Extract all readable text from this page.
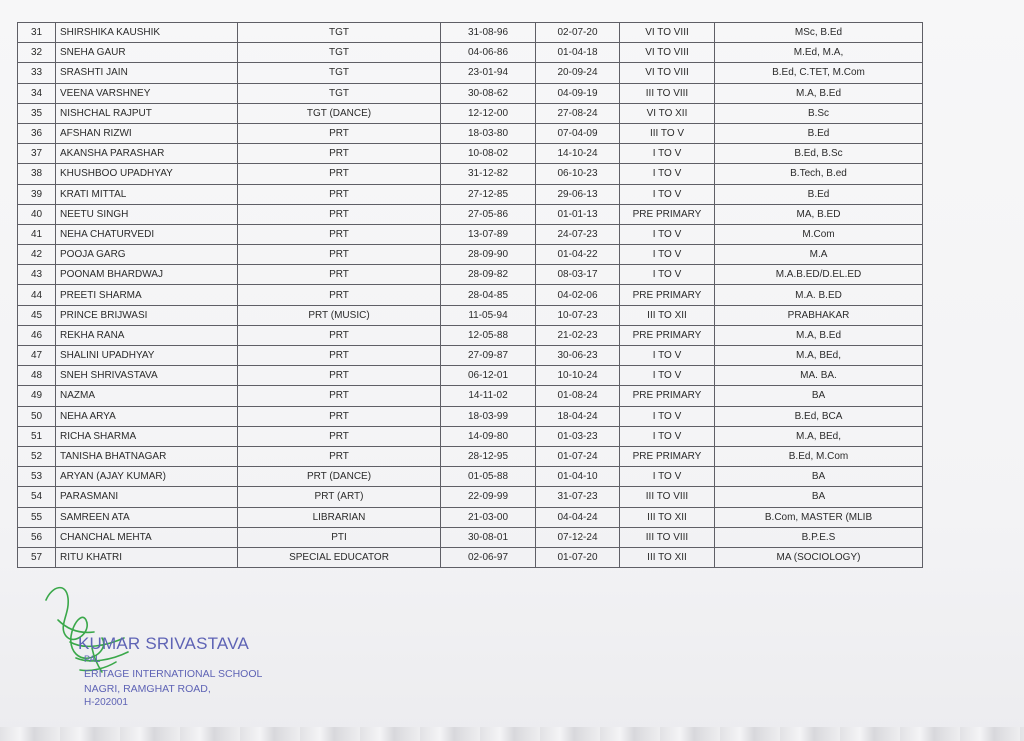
31	SHIRSHIKA KAUSHIK	TGT	31-08-96	02-07-20	VI TO VIII	MSc, B.Ed
32	SNEHA GAUR	TGT	04-06-86	01-04-18	VI TO VIII	M.Ed, M.A,
33	SRASHTI JAIN	TGT	23-01-94	20-09-24	VI TO VIII	B.Ed, C.TET, M.Com
34	VEENA VARSHNEY	TGT	30-08-62	04-09-19	III TO VIII	M.A, B.Ed
35	NISHCHAL RAJPUT	TGT (DANCE)	12-12-00	27-08-24	VI TO XII	B.Sc
36	AFSHAN RIZWI	PRT	18-03-80	07-04-09	III TO V	B.Ed
37	AKANSHA PARASHAR	PRT	10-08-02	14-10-24	I TO V	B.Ed, B.Sc
38	KHUSHBOO UPADHYAY	PRT	31-12-82	06-10-23	I TO V	B.Tech, B.ed
39	KRATI MITTAL	PRT	27-12-85	29-06-13	I TO V	B.Ed
40	NEETU SINGH	PRT	27-05-86	01-01-13	PRE PRIMARY	MA, B.ED
41	NEHA CHATURVEDI	PRT	13-07-89	24-07-23	I TO V	M.Com
42	POOJA GARG	PRT	28-09-90	01-04-22	I TO V	M.A
43	POONAM BHARDWAJ	PRT	28-09-82	08-03-17	I TO V	M.A.B.ED/D.EL.ED
44	PREETI SHARMA	PRT	28-04-85	04-02-06	PRE PRIMARY	M.A. B.ED
45	PRINCE BRIJWASI	PRT (MUSIC)	11-05-94	10-07-23	III TO XII	PRABHAKAR
46	REKHA RANA	PRT	12-05-88	21-02-23	PRE PRIMARY	M.A, B.Ed
47	SHALINI UPADHYAY	PRT	27-09-87	30-06-23	I TO V	M.A, BEd,
48	SNEH SHRIVASTAVA	PRT	06-12-01	10-10-24	I TO V	MA. BA.
49	NAZMA	PRT	14-11-02	01-08-24	PRE PRIMARY	BA
50	NEHA ARYA	PRT	18-03-99	18-04-24	I TO V	B.Ed, BCA
51	RICHA SHARMA	PRT	14-09-80	01-03-23	I TO V	M.A, BEd,
52	TANISHA BHATNAGAR	PRT	28-12-95	01-07-24	PRE PRIMARY	B.Ed, M.Com
53	ARYAN (AJAY KUMAR)	PRT (DANCE)	01-05-88	01-04-10	I TO V	BA
54	PARASMANI	PRT (ART)	22-09-99	31-07-23	III TO VIII	BA
55	SAMREEN ATA	LIBRARIAN	21-03-00	04-04-24	III TO XII	B.Com, MASTER (MLIB
56	CHANCHAL MEHTA	PTI	30-08-01	07-12-24	III TO VIII	B.P.E.S
57	RITU KHATRI	SPECIAL EDUCATOR	02-06-97	01-07-20	III TO XII	MA (SOCIOLOGY)
KUMAR SRIVASTAVA
PAL
ERITAGE INTERNATIONAL SCHOOL
NAGRI, RAMGHAT ROAD,
H-202001
